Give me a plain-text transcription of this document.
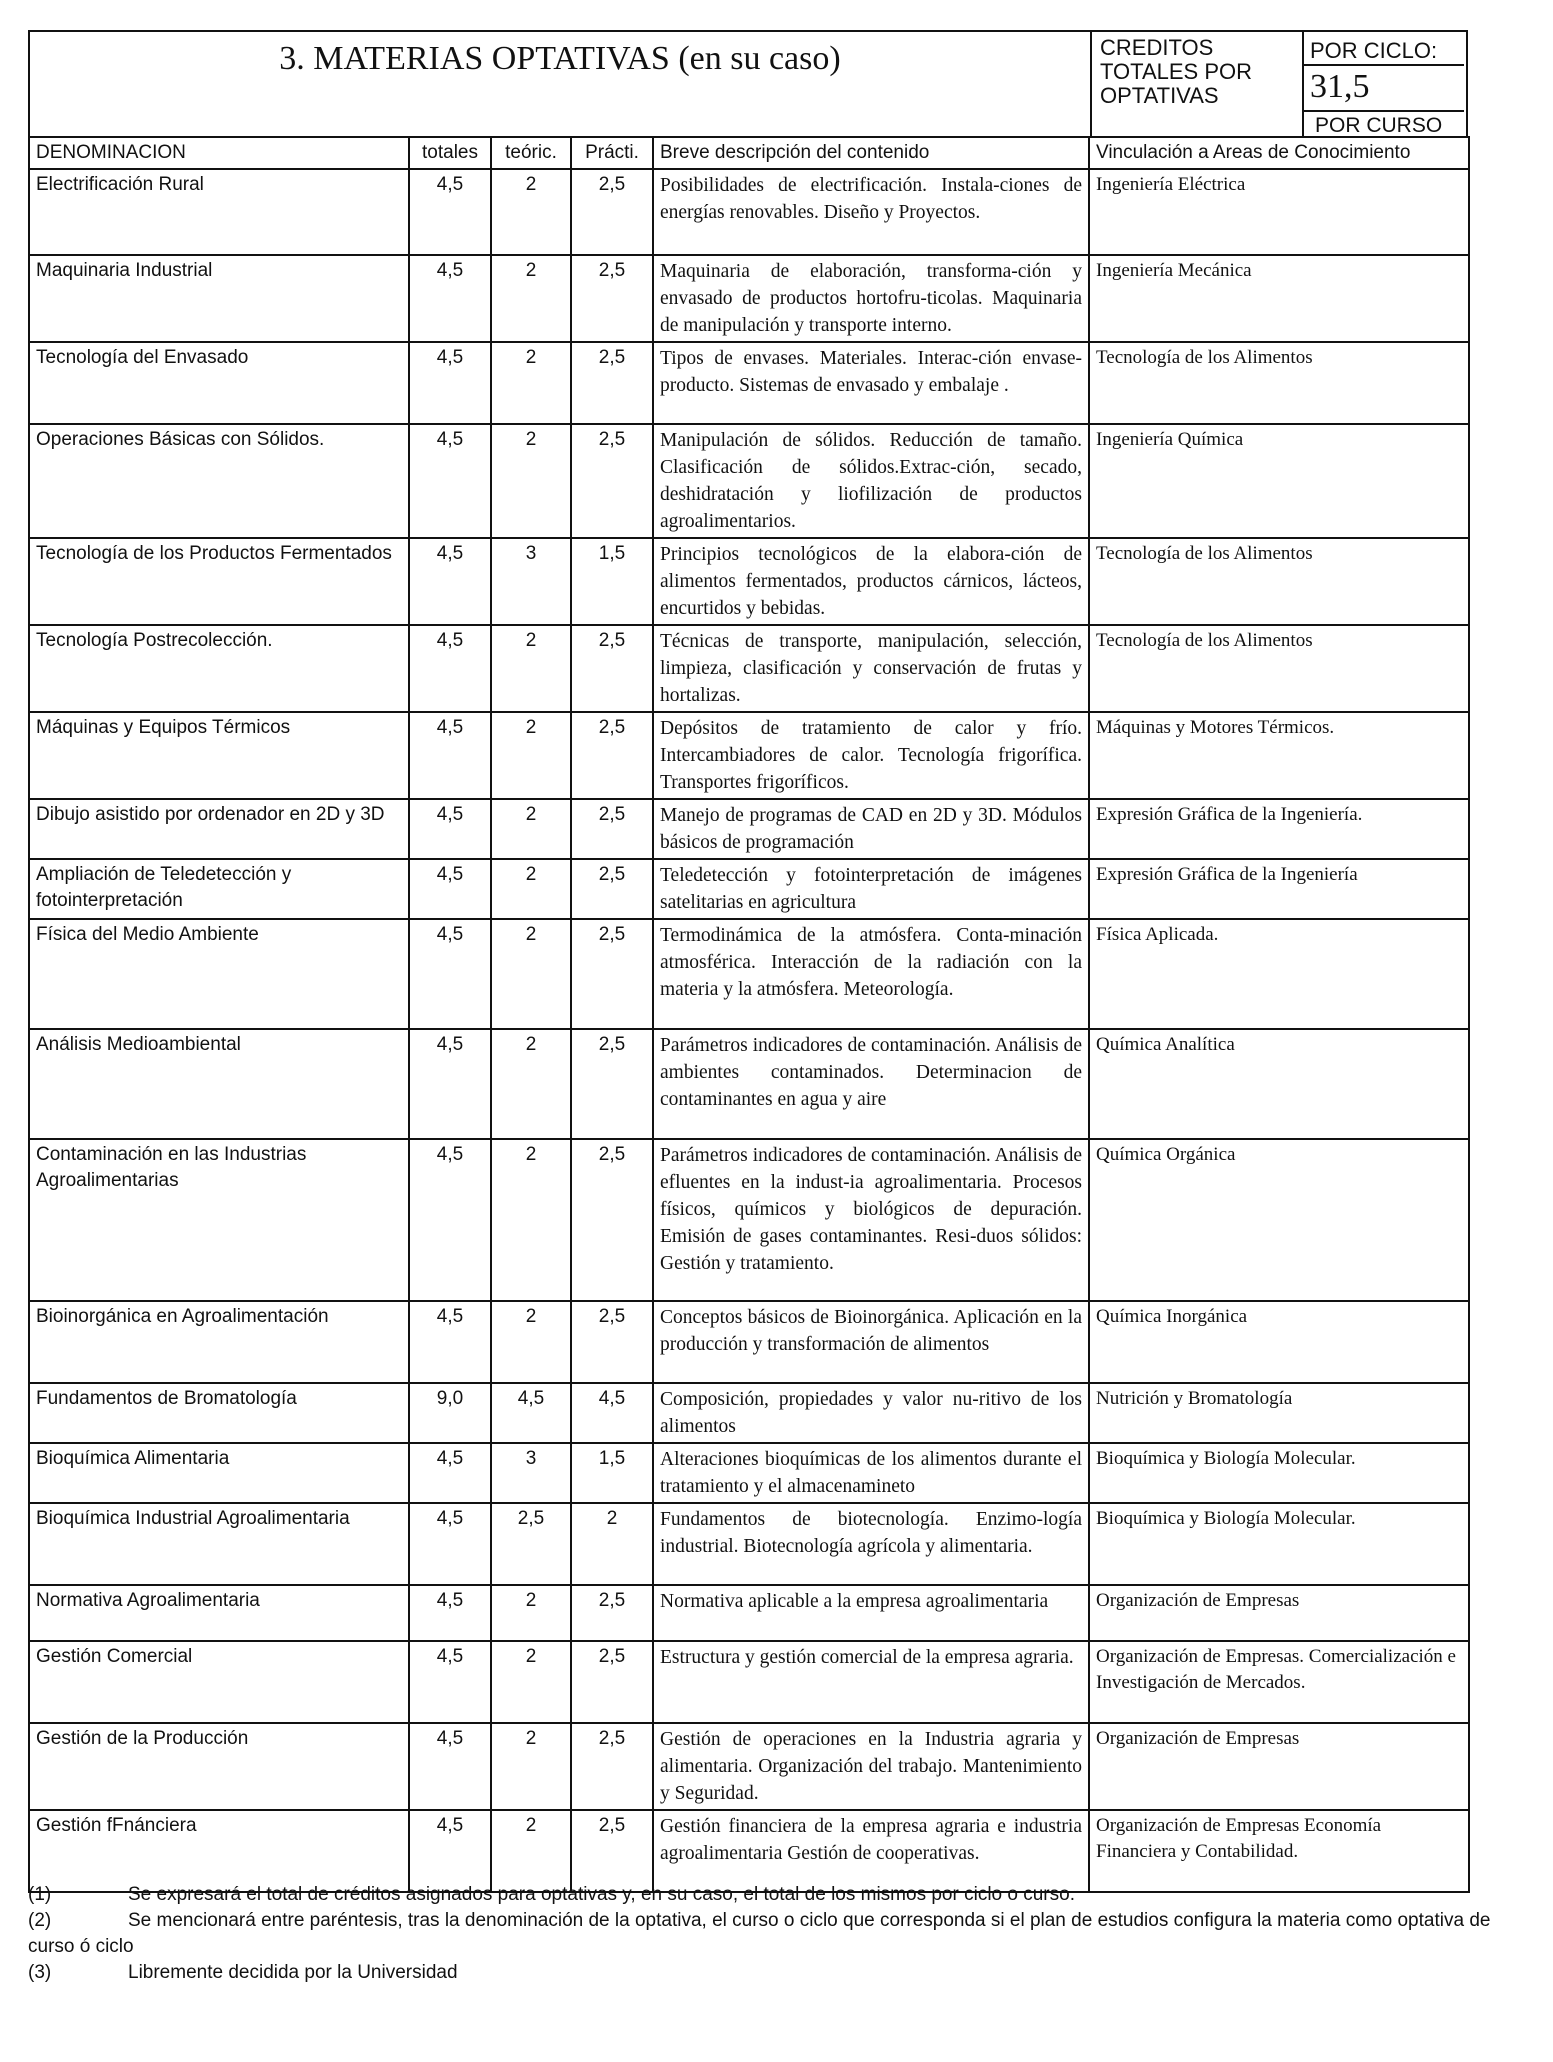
3. MATERIAS OPTATIVAS (en su caso)	CREDITOS
TOTALES POR
OPTATIVAS
POR CICLO:
31,5
POR CURSO
DENOMINACION	totales	teóric.	Prácti.	Breve descripción del contenido	Vinculación a Areas de Conocimiento
Electrificación Rural	4,5	2	2,5	Posibilidades de electrificación. Instala-ciones de energías renovables. Diseño y Proyectos.	Ingeniería Eléctrica
Maquinaria Industrial	4,5	2	2,5	Maquinaria de elaboración, transforma-ción y envasado de productos hortofru-ticolas. Maquinaria de manipulación y transporte interno.	Ingeniería Mecánica
Tecnología del Envasado	4,5	2	2,5	Tipos de envases. Materiales. Interac-ción envase-producto. Sistemas de envasado y embalaje .	Tecnología de los Alimentos
Operaciones Básicas con Sólidos.	4,5	2	2,5	Manipulación de sólidos. Reducción de tamaño. Clasificación de sólidos.Extrac-ción, secado, deshidratación y liofilización de productos agroalimentarios.	Ingeniería Química
Tecnología de los Productos Fermentados	4,5	3	1,5	Principios tecnológicos de la elabora-ción de alimentos fermentados, productos cárnicos, lácteos, encurtidos y bebidas.	Tecnología de los Alimentos
Tecnología Postrecolección.	4,5	2	2,5	Técnicas de transporte, manipulación, selección, limpieza, clasificación y conservación de frutas y hortalizas.	Tecnología de los Alimentos
Máquinas y Equipos Térmicos	4,5	2	2,5	Depósitos de tratamiento de calor y frío. Intercambiadores de calor. Tecnología frigorífica. Transportes frigoríficos.	Máquinas y Motores Térmicos.
Dibujo asistido por ordenador en 2D y 3D	4,5	2	2,5	Manejo de programas de CAD en 2D y 3D. Módulos básicos de programación	Expresión Gráfica de la Ingeniería.
Ampliación de Teledetección y fotointerpretación	4,5	2	2,5	Teledetección y fotointerpretación de imágenes satelitarias en agricultura	Expresión Gráfica de la Ingeniería
Física del Medio Ambiente	4,5	2	2,5	Termodinámica de la atmósfera. Conta-minación atmosférica. Interacción de la radiación con la materia y la atmósfera. Meteorología.	Física Aplicada.
Análisis Medioambiental	4,5	2	2,5	Parámetros indicadores de contaminación. Análisis de ambientes contaminados. Determinacion de contaminantes en agua y aire	Química Analítica
Contaminación en las Industrias Agroalimentarias	4,5	2	2,5	Parámetros indicadores de contaminación. Análisis de efluentes en la indust-ia agroalimentaria. Procesos físicos, químicos y biológicos de depuración. Emisión de gases contaminantes. Resi-duos sólidos: Gestión y tratamiento.	Química Orgánica
Bioinorgánica en Agroalimentación	4,5	2	2,5	Conceptos básicos de Bioinorgánica. Aplicación en la producción y transformación de alimentos	Química Inorgánica
Fundamentos de Bromatología	9,0	4,5	4,5	Composición, propiedades y valor nu-ritivo de los alimentos	Nutrición y Bromatología
Bioquímica Alimentaria	4,5	3	1,5	Alteraciones bioquímicas de los alimentos durante el tratamiento y el almacenamineto	Bioquímica y Biología Molecular.
Bioquímica Industrial Agroalimentaria	4,5	2,5	2	Fundamentos de biotecnología. Enzimo-logía industrial. Biotecnología agrícola y alimentaria.	Bioquímica y Biología Molecular.
Normativa Agroalimentaria	4,5	2	2,5	Normativa aplicable a la empresa agroalimentaria	Organización de Empresas
Gestión Comercial	4,5	2	2,5	Estructura y gestión comercial de la empresa agraria.	Organización de Empresas. Comercialización e Investigación de Mercados.
Gestión de la Producción	4,5	2	2,5	Gestión de operaciones en la Industria agraria y alimentaria. Organización del trabajo. Mantenimiento y Seguridad.	Organización de Empresas
Gestión fFnánciera	4,5	2	2,5	Gestión financiera de la empresa agraria e industria agroalimentaria Gestión de cooperativas.	Organización de Empresas Economía Financiera y Contabilidad.
(1)	Se expresará el total de créditos asignados para optativas y, en su caso, el total de los mismos por ciclo o curso.
(2)	Se mencionará entre paréntesis, tras la denominación de la optativa, el curso o ciclo que corresponda si el plan de estudios configura la materia como optativa de curso ó ciclo
(3)	Libremente decidida por la Universidad
